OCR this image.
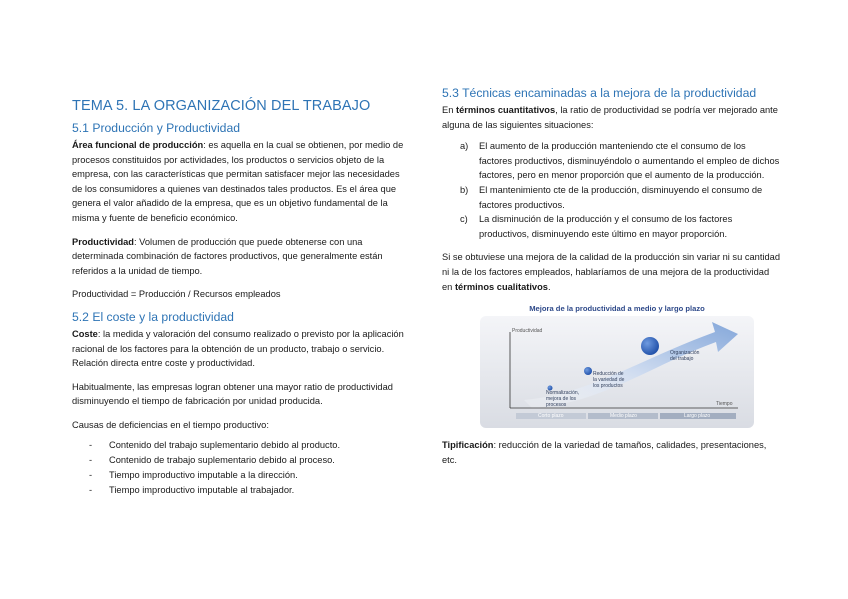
TEMA 5. LA ORGANIZACIÓN DEL TRABAJO
5.1 Producción y Productividad

Área funcional de producción: es aquella en la cual se obtienen, por medio de procesos constituidos por actividades, los productos o servicios objeto de la empresa, con las características que permitan satisfacer mejor las necesidades de los consumidores a quienes van destinados tales productos. Es el área que genera el valor añadido de la empresa, que es un objetivo fundamental de la misma y fuente de beneficio económico.

Productividad: Volumen de producción que puede obtenerse con una determinada combinación de factores productivos, que generalmente están referidos a la unidad de tiempo.

Productividad = Producción / Recursos empleados

5.2 El coste y la productividad

Coste: la medida y valoración del consumo realizado o previsto por la aplicación racional de los factores para la obtención de un producto, trabajo o servicio. Relación directa entre coste y productividad.

Habitualmente, las empresas logran obtener una mayor ratio de productividad disminuyendo el tiempo de fabricación por unidad producida.

Causas de deficiencias en el tiempo productivo:

- Contenido del trabajo suplementario debido al producto.
- Contenido de trabajo suplementario debido al proceso.
- Tiempo improductivo imputable a la dirección.
- Tiempo improductivo imputable al trabajador.
5.3 Técnicas encaminadas a la mejora de la productividad

En términos cuantitativos, la ratio de productividad se podría ver mejorado ante alguna de las siguientes situaciones:

a) El aumento de la producción manteniendo cte el consumo de los factores productivos, disminuyéndolo o aumentando el empleo de dichos factores, pero en menor proporción que el aumento de la producción.
b) El mantenimiento cte de la producción, disminuyendo el consumo de factores productivos.
c) La disminución de la producción y el consumo de los factores productivos, disminuyendo este último en mayor proporción.

Si se obtuviese una mejora de la calidad de la producción sin variar ni su cantidad ni la de los factores empleados, hablaríamos de una mejora de la productividad en términos cualitativos.

Mejora de la productividad a medio y largo plazo
Productividad
Tiempo
Normalización,
mejora de los
procesos
Reducción de
la variedad de
los productos
Organización
del trabajo
Corto plazo	Medio plazo	Largo plazo

Tipificación: reducción de la variedad de tamaños, calidades, presentaciones, etc.
